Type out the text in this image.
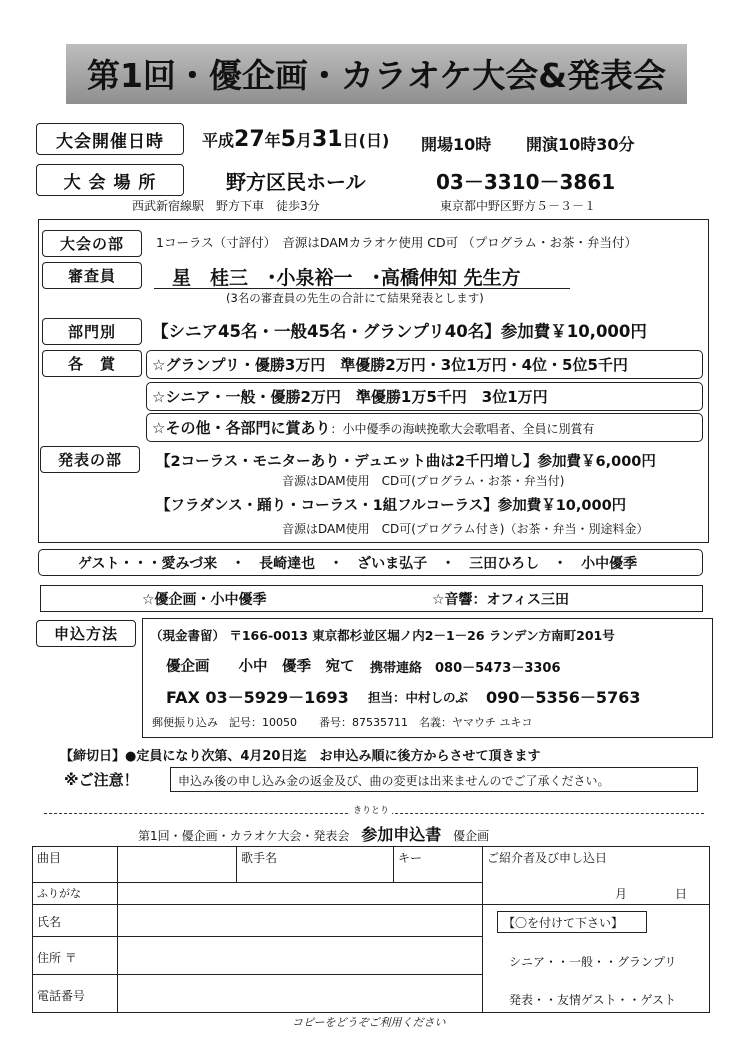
第1回・優企画・カラオケ大会&発表会
大会開催日時	平成27年5月31日(日) 開場10時 開演10時30分
大 会 場 所	野方区民ホール	03－3310－3861
西武新宿線駅　野方下車　徒歩3分	東京都中野区野方５－３－１
大会の部	1コーラス（寸評付）　音源はDAMカラオケ使用 CD可 （プログラム・お茶・弁当付）
審査員	星　桂三　･小泉裕一　･高橋伸知 先生方
(3名の審査員の先生の合計にて結果発表とします)
部門別	【シニア45名・一般45名・グランプリ40名】参加費￥10,000円
各　賞	☆グランプリ・優勝3万円　準優勝2万円・3位1万円・4位・5位5千円
☆シニア・一般・優勝2万円　準優勝1万5千円　3位1万円
☆その他・各部門に賞あり：小中優季の海峡挽歌大会歌唱者、全員に別賞有
発表の部	【2コーラス・モニターあり・デュエット曲は2千円増し】参加費￥6,000円
音源はDAM使用　CD可(プログラム・お茶・弁当付)
【フラダンス・踊り・コーラス・1組フルコーラス】参加費￥10,000円
音源はDAM使用　CD可(プログラム付き)（お茶・弁当・別途料金）
ゲスト・・・愛みづ来　・　長崎達也　・　ざいま弘子　・　三田ひろし　・　小中優季
☆優企画・小中優季	☆音響：オフィス三田
申込方法	（現金書留） 〒166-0013 東京都杉並区堀ノ内2－1－26 ランデン方南町201号
優企画　　小中　優季　宛て 携帯連絡　080－5473－3306
FAX 03－5929－1693 担当：中村しのぶ 090－5356－5763
郵便振り込み　記号：10050　　番号：87535711　名義：ヤマウチ ユキコ
【締切日】●定員になり次第、4月20日迄　お申込み順に後方からさせて頂きます
※ご注意！	申込み後の申し込み金の返金及び、曲の変更は出来ませんのでご了承ください。
きりとり
第1回・優企画・カラオケ大会・発表会 参加申込書 優企画
曲目		歌手名	キー	ご紹介者及び申し込日
月 日

ふりがな				
氏名				【〇を付けて下さい】
シニア・・一般・・グランプリ
発表・・友情ゲスト・・ゲスト

住所 〒				
電話番号				
コピーをどうぞご利用ください
